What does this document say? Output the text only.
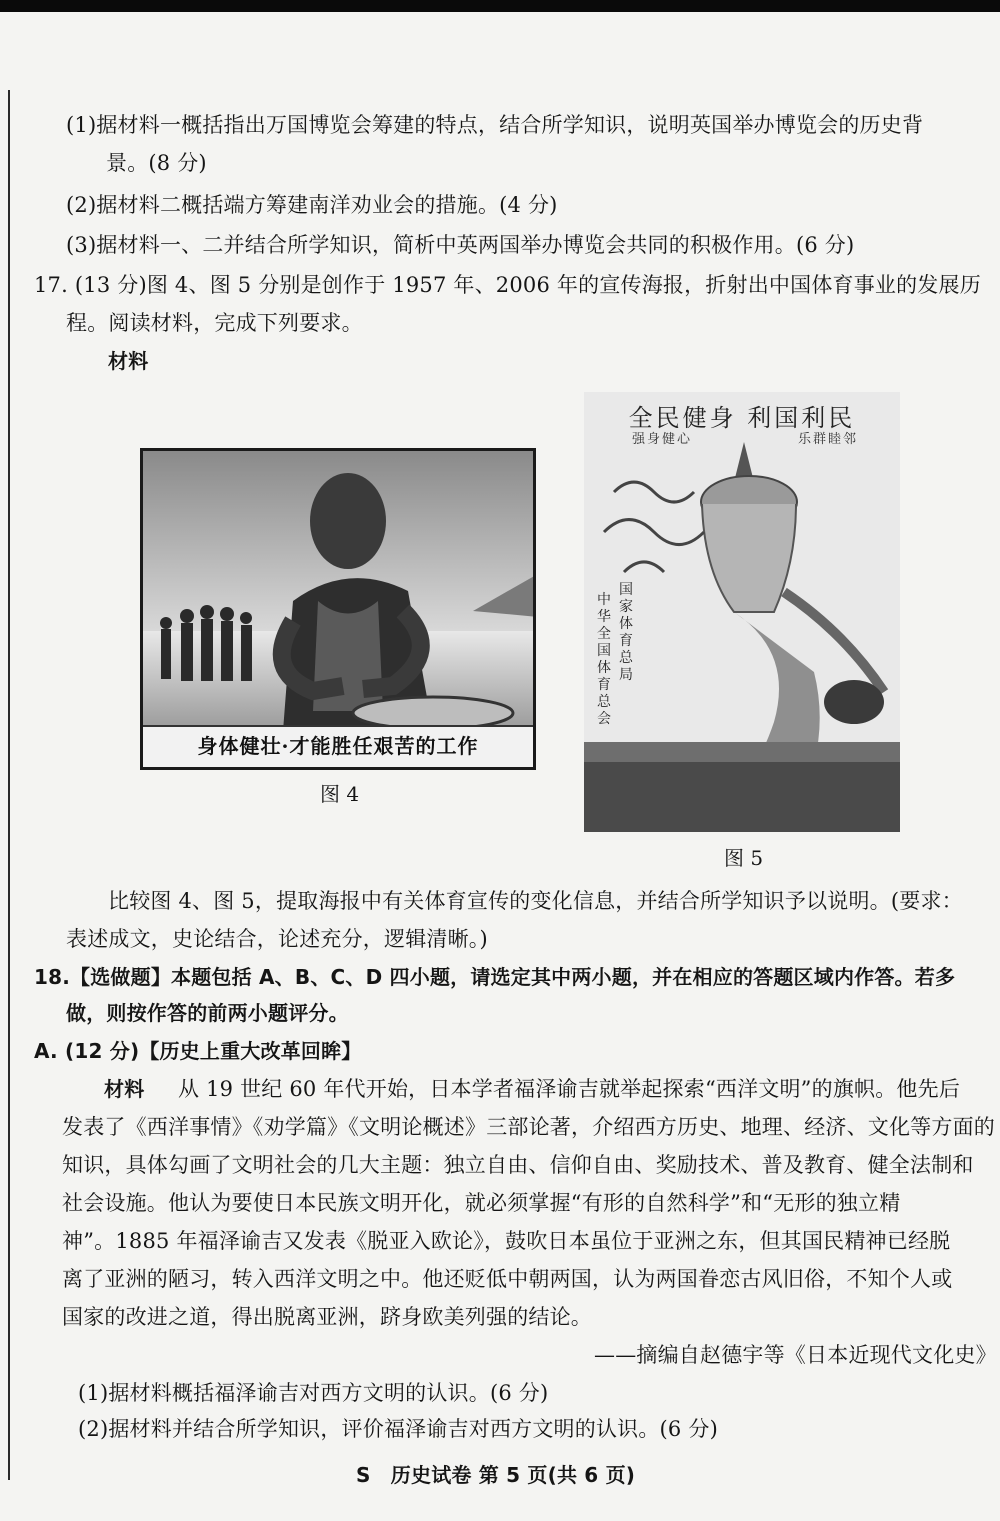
(1)据材料一概括指出万国博览会筹建的特点，结合所学知识，说明英国举办博览会的历史背
景。(8 分)
(2)据材料二概括端方筹建南洋劝业会的措施。(4 分)
(3)据材料一、二并结合所学知识，简析中英两国举办博览会共同的积极作用。(6 分)
17. (13 分)图 4、图 5 分别是创作于 1957 年、2006 年的宣传海报，折射出中国体育事业的发展历
程。阅读材料，完成下列要求。
材料
身体健壮·才能胜任艰苦的工作
图 4
全民健身 利国利民
强身健心	乐群睦邻
中华全国体育总会
国家体育总局
图 5
比较图 4、图 5，提取海报中有关体育宣传的变化信息，并结合所学知识予以说明。(要求：
表述成文，史论结合，论述充分，逻辑清晰。)
18.【选做题】本题包括 A、B、C、D 四小题，请选定其中两小题，并在相应的答题区域内作答。若多
做，则按作答的前两小题评分。
A. (12 分)【历史上重大改革回眸】
材料 从 19 世纪 60 年代开始，日本学者福泽谕吉就举起探索“西洋文明”的旗帜。他先后
发表了《西洋事情》《劝学篇》《文明论概述》三部论著，介绍西方历史、地理、经济、文化等方面的
知识，具体勾画了文明社会的几大主题：独立自由、信仰自由、奖励技术、普及教育、健全法制和
社会设施。他认为要使日本民族文明开化，就必须掌握“有形的自然科学”和“无形的独立精
神”。1885 年福泽谕吉又发表《脱亚入欧论》，鼓吹日本虽位于亚洲之东，但其国民精神已经脱
离了亚洲的陋习，转入西洋文明之中。他还贬低中朝两国，认为两国眷恋古风旧俗，不知个人或
国家的改进之道，得出脱离亚洲，跻身欧美列强的结论。
——摘编自赵德宇等《日本近现代文化史》
(1)据材料概括福泽谕吉对西方文明的认识。(6 分)
(2)据材料并结合所学知识，评价福泽谕吉对西方文明的认识。(6 分)
S　历史试卷 第 5 页(共 6 页)
